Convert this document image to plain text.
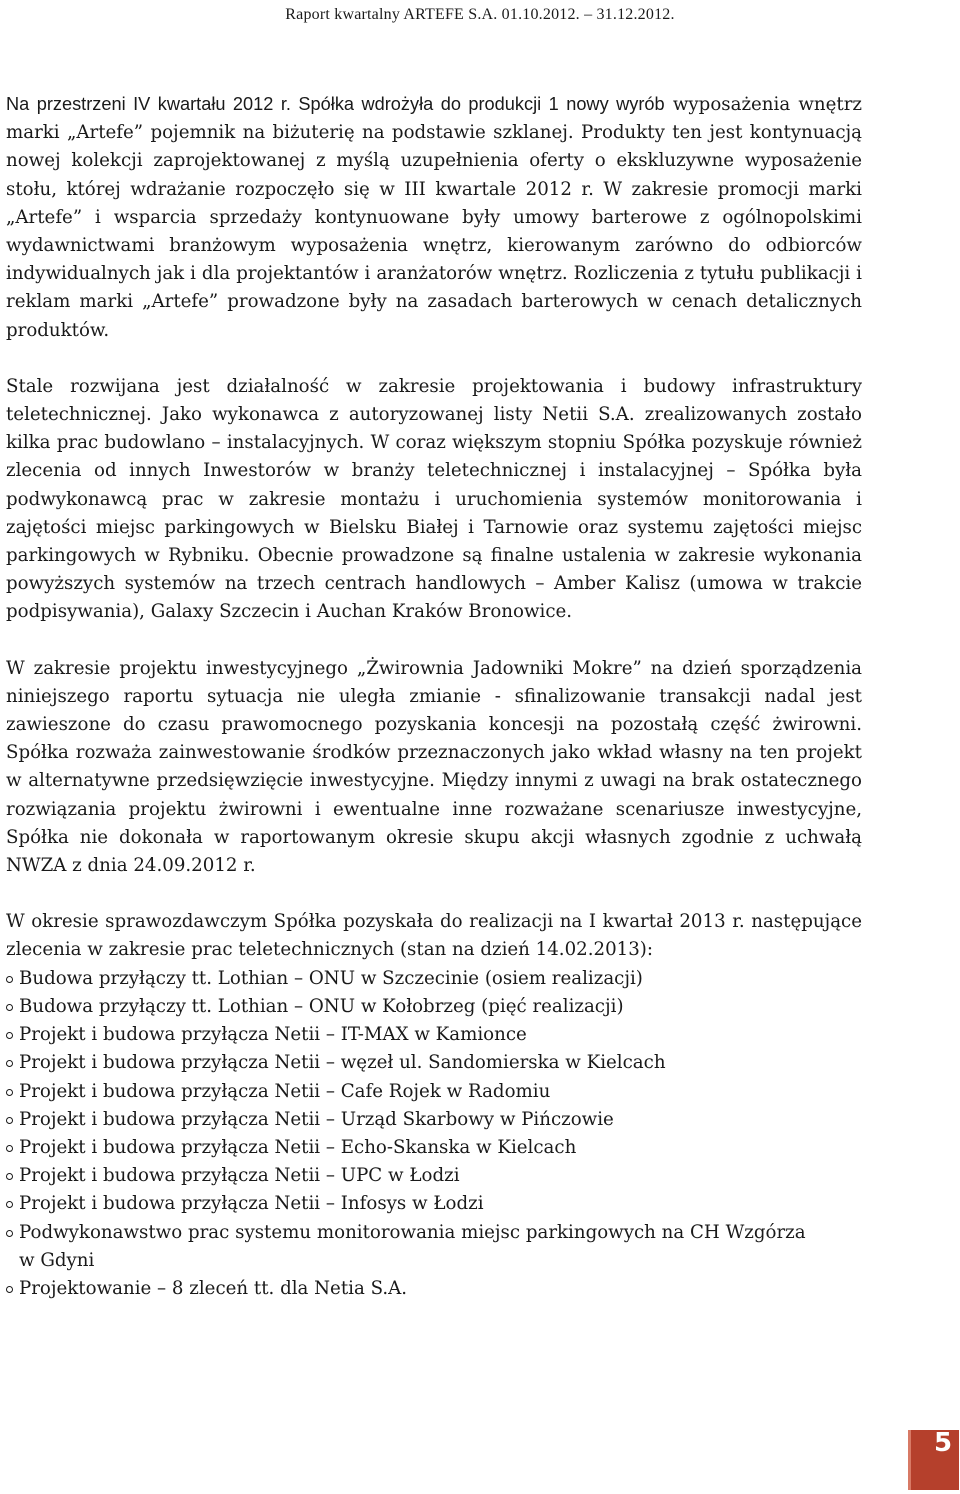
Raport kwartalny ARTEFE S.A. 01.10.2012. – 31.12.2012.

Na przestrzeni IV kwartału 2012 r. Spółka wdrożyła do produkcji 1 nowy wyrób wyposażenia wnętrz marki „Artefe” pojemnik na biżuterię na podstawie szklanej. Produkty ten jest kontynuacją nowej kolekcji zaprojektowanej z myślą uzupełnienia oferty o ekskluzywne wyposażenie stołu, której wdrażanie rozpoczęło się w III kwartale 2012 r. W zakresie promocji marki „Artefe” i wsparcia sprzedaży kontynuowane były umowy barterowe z ogólnopolskimi wydawnictwami branżowym wyposażenia wnętrz, kierowanym zarówno do odbiorców indywidualnych jak i dla projektantów i aranżatorów wnętrz. Rozliczenia z tytułu publikacji i reklam marki „Artefe” prowadzone były na zasadach barterowych w cenach detalicznych produktów.

Stale rozwijana jest działalność w zakresie projektowania i budowy infrastruktury teletechnicznej. Jako wykonawca z autoryzowanej listy Netii S.A. zrealizowanych zostało kilka prac budowlano – instalacyjnych. W coraz większym stopniu Spółka pozyskuje również zlecenia od innych Inwestorów w branży teletechnicznej i instalacyjnej – Spółka była podwykonawcą prac w zakresie montażu i uruchomienia systemów monitorowania i zajętości miejsc parkingowych w Bielsku Białej i Tarnowie oraz systemu zajętości miejsc parkingowych w Rybniku. Obecnie prowadzone są finalne ustalenia w zakresie wykonania powyższych systemów na trzech centrach handlowych – Amber Kalisz (umowa w trakcie podpisywania), Galaxy Szczecin i Auchan Kraków Bronowice.

W zakresie projektu inwestycyjnego „Żwirownia Jadowniki Mokre” na dzień sporządzenia niniejszego raportu sytuacja nie uległa zmianie - sfinalizowanie transakcji nadal jest zawieszone do czasu prawomocnego pozyskania koncesji na pozostałą część żwirowni. Spółka rozważa zainwestowanie środków przeznaczonych jako wkład własny na ten projekt w alternatywne przedsięwzięcie inwestycyjne. Między innymi z uwagi na brak ostatecznego rozwiązania projektu żwirowni i ewentualne inne rozważane scenariusze inwestycyjne, Spółka nie dokonała w raportowanym okresie skupu akcji własnych zgodnie z uchwałą NWZA z dnia 24.09.2012 r.

W okresie sprawozdawczym Spółka pozyskała do realizacji na I kwartał 2013 r. następujące zlecenia w zakresie prac teletechnicznych (stan na dzień 14.02.2013):

Budowa przyłączy tt. Lothian – ONU w Szczecinie (osiem realizacji)
Budowa przyłączy tt. Lothian – ONU w Kołobrzeg (pięć realizacji)
Projekt i budowa przyłącza Netii – IT-MAX w Kamionce
Projekt i budowa przyłącza Netii – węzeł ul. Sandomierska w Kielcach
Projekt i budowa przyłącza Netii – Cafe Rojek w Radomiu
Projekt i budowa przyłącza Netii – Urząd Skarbowy w Pińczowie
Projekt i budowa przyłącza Netii – Echo-Skanska w Kielcach
Projekt i budowa przyłącza Netii – UPC w Łodzi
Projekt i budowa przyłącza Netii – Infosys w Łodzi
Podwykonawstwo prac systemu monitorowania miejsc parkingowych na CH Wzgórza w Gdyni
Projektowanie – 8 zleceń tt. dla Netia S.A.
5
